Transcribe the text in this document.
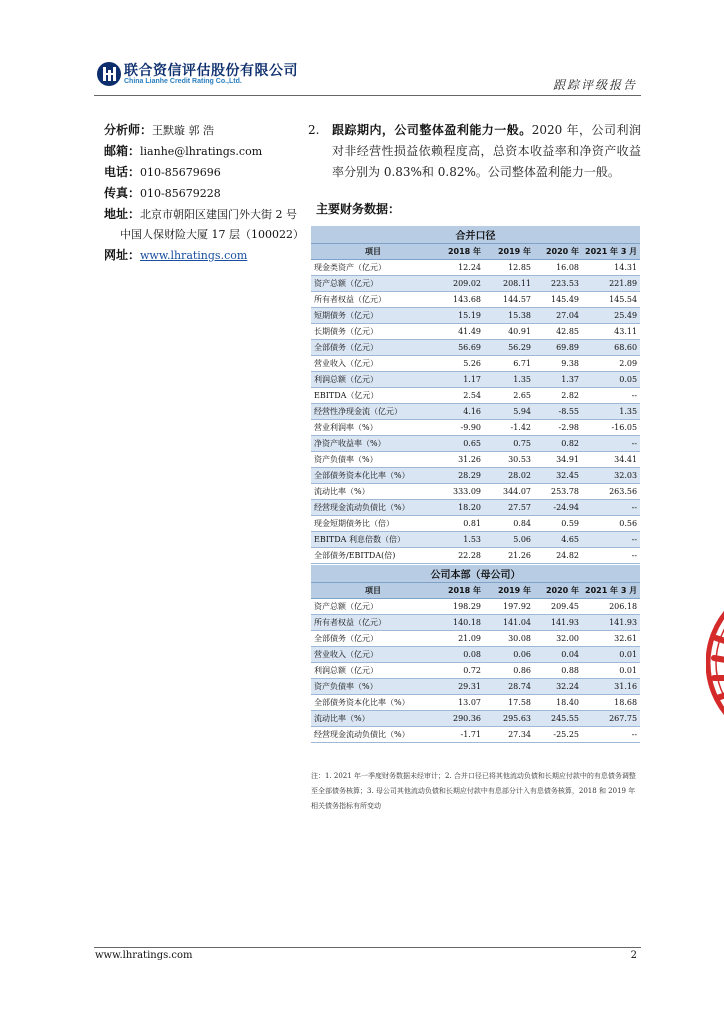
联合资信评估股份有限公司
China Lianhe Credit Rating Co.,Ltd.	跟踪评级报告
分析师：王默璇 郭 浩
邮箱：lianhe@lhratings.com
电话：010-85679696
传真：010-85679228
地址：北京市朝阳区建国门外大街 2 号
中国人保财险大厦 17 层（100022）
网址：www.lhratings.com
2.	跟踪期内，公司整体盈利能力一般。2020 年，公司利润对非经营性损益依赖程度高，总资本收益率和净资产收益率分别为 0.83%和 0.82%。公司整体盈利能力一般。
主要财务数据：
合并口径				
项目	2018 年	2019 年	2020 年	2021 年 3 月
现金类资产（亿元）	12.24	12.85	16.08	14.31
资产总额（亿元）	209.02	208.11	223.53	221.89
所有者权益（亿元）	143.68	144.57	145.49	145.54
短期债务（亿元）	15.19	15.38	27.04	25.49
长期债务（亿元）	41.49	40.91	42.85	43.11
全部债务（亿元）	56.69	56.29	69.89	68.60
营业收入（亿元）	5.26	6.71	9.38	2.09
利润总额（亿元）	1.17	1.35	1.37	0.05
EBITDA（亿元）	2.54	2.65	2.82	--
经营性净现金流（亿元）	4.16	5.94	-8.55	1.35
营业利润率（%）	-9.90	-1.42	-2.98	-16.05
净资产收益率（%）	0.65	0.75	0.82	--
资产负债率（%）	31.26	30.53	34.91	34.41
全部债务资本化比率（%）	28.29	28.02	32.45	32.03
流动比率（%）	333.09	344.07	253.78	263.56
经营现金流动负债比（%）	18.20	27.57	-24.94	--
现金短期债务比（倍）	0.81	0.84	0.59	0.56
EBITDA 利息倍数（倍）	1.53	5.06	4.65	--
全部债务/EBITDA(倍)	22.28	21.26	24.82	--
公司本部（母公司）				
项目	2018 年	2019 年	2020 年	2021 年 3 月
资产总额（亿元）	198.29	197.92	209.45	206.18
所有者权益（亿元）	140.18	141.04	141.93	141.93
全部债务（亿元）	21.09	30.08	32.00	32.61
营业收入（亿元）	0.08	0.06	0.04	0.01
利润总额（亿元）	0.72	0.86	0.88	0.01
资产负债率（%）	29.31	28.74	32.24	31.16
全部债务资本化比率（%）	13.07	17.58	18.40	18.68
流动比率（%）	290.36	295.63	245.55	267.75
经营现金流动负债比（%）	-1.71	27.34	-25.25	--
注：1. 2021 年一季度财务数据未经审计；2. 合并口径已将其他流动负债和长期应付款中的有息债务调整至全部债务核算；3. 母公司其他流动负债和长期应付款中有息部分计入有息债务核算，2018 和 2019 年相关债务指标有所变动
www.lhratings.com	2
